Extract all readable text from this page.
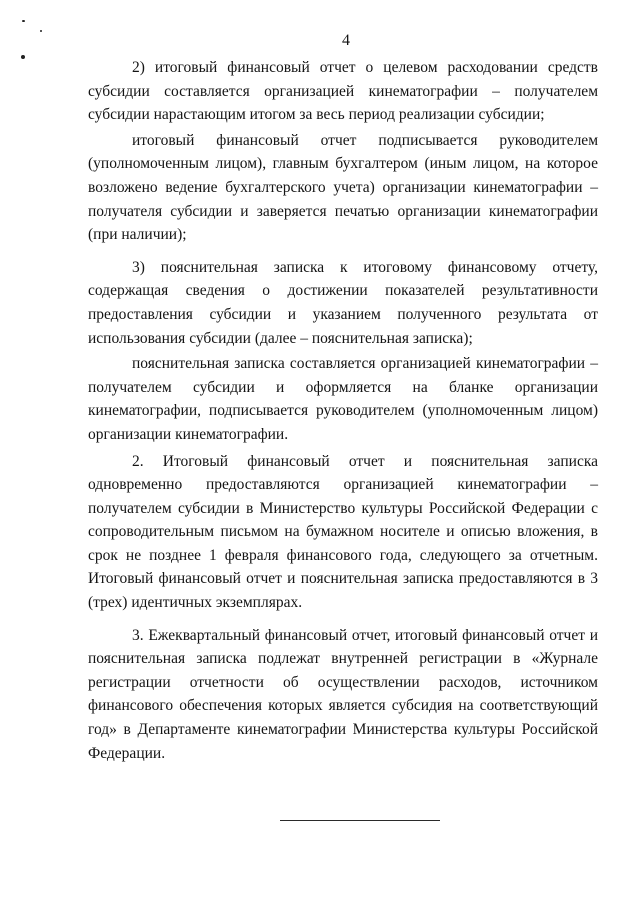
4

2) итоговый финансовый отчет о целевом расходовании средств субсидии составляется организацией кинематографии – получателем субсидии нарастающим итогом за весь период реализации субсидии;

итоговый финансовый отчет подписывается руководителем (уполномоченным лицом), главным бухгалтером (иным лицом, на которое возложено ведение бухгалтерского учета) организации кинематографии – получателя субсидии и заверяется печатью организации кинематографии (при наличии);

3) пояснительная записка к итоговому финансовому отчету, содержащая сведения о достижении показателей результативности предоставления субсидии и указанием полученного результата от использования субсидии (далее – пояснительная записка);

пояснительная записка составляется организацией кинематографии – получателем субсидии и оформляется на бланке организации кинематографии, подписывается руководителем (уполномоченным лицом) организации кинематографии.

2. Итоговый финансовый отчет и пояснительная записка одновременно предоставляются организацией кинематографии – получателем субсидии в Министерство культуры Российской Федерации с сопроводительным письмом на бумажном носителе и описью вложения, в срок не позднее 1 февраля финансового года, следующего за отчетным. Итоговый финансовый отчет и пояснительная записка предоставляются в 3 (трех) идентичных экземплярах.

3. Ежеквартальный финансовый отчет, итоговый финансовый отчет и пояснительная записка подлежат внутренней регистрации в «Журнале регистрации отчетности об осуществлении расходов, источником финансового обеспечения которых является субсидия на соответствующий год» в Департаменте кинематографии Министерства культуры Российской Федерации.
